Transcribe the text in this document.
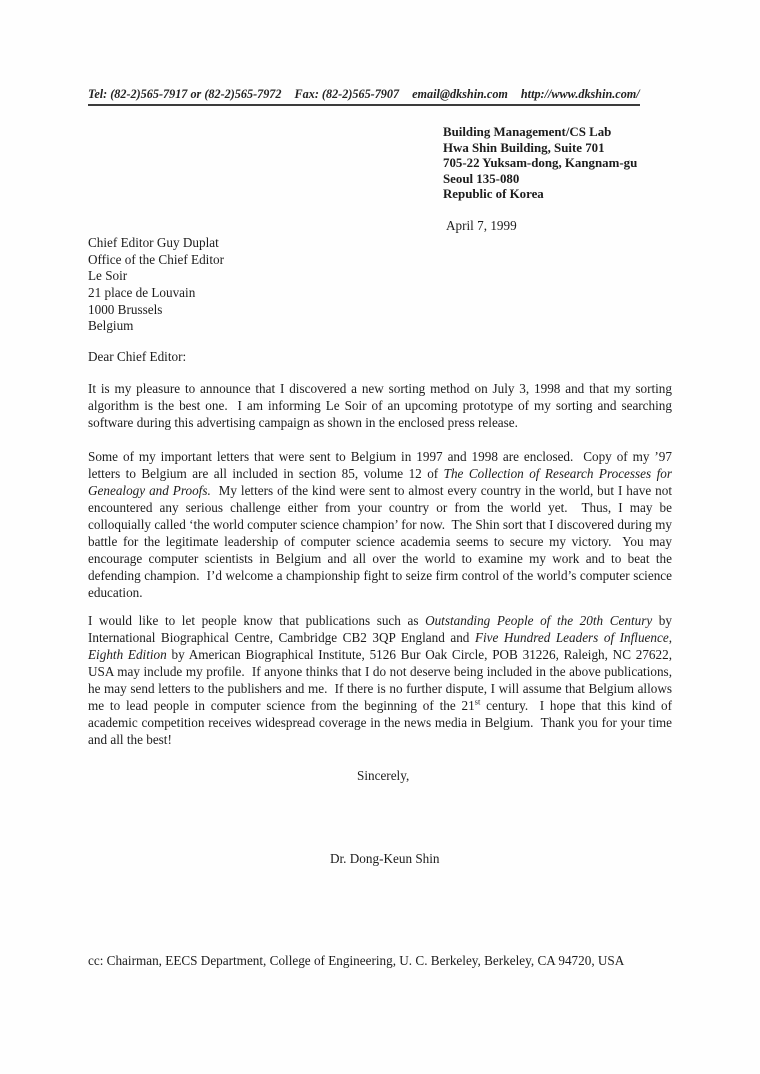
Tel: (82-2)565-7917 or (82-2)565-7972 Fax: (82-2)565-7907 email@dkshin.com http://www.dkshin.com/
Building Management/CS Lab
Hwa Shin Building, Suite 701
705-22 Yuksam-dong, Kangnam-gu
Seoul 135-080
Republic of Korea
April 7, 1999
Chief Editor Guy Duplat
Office of the Chief Editor
Le Soir
21 place de Louvain
1000 Brussels
Belgium
Dear Chief Editor:
It is my pleasure to announce that I discovered a new sorting method on July 3, 1998 and that my sorting algorithm is the best one.  I am informing Le Soir of an upcoming prototype of my sorting and searching software during this advertising campaign as shown in the enclosed press release.
Some of my important letters that were sent to Belgium in 1997 and 1998 are enclosed.  Copy of my ’97 letters to Belgium are all included in section 85, volume 12 of The Collection of Research Processes for Genealogy and Proofs.  My letters of the kind were sent to almost every country in the world, but I have not encountered any serious challenge either from your country or from the world yet.  Thus, I may be colloquially called ‘the world computer science champion’ for now.  The Shin sort that I discovered during my battle for the legitimate leadership of computer science academia seems to secure my victory.  You may encourage computer scientists in Belgium and all over the world to examine my work and to beat the defending champion.  I’d welcome a championship fight to seize firm control of the world’s computer science education.
I would like to let people know that publications such as Outstanding People of the 20th Century by International Biographical Centre, Cambridge CB2 3QP England and Five Hundred Leaders of Influence, Eighth Edition by American Biographical Institute, 5126 Bur Oak Circle, POB 31226, Raleigh, NC 27622, USA may include my profile.  If anyone thinks that I do not deserve being included in the above publications, he may send letters to the publishers and me.  If there is no further dispute, I will assume that Belgium allows me to lead people in computer science from the beginning of the 21st century.  I hope that this kind of academic competition receives widespread coverage in the news media in Belgium.  Thank you for your time and all the best!
Sincerely,
Dr. Dong-Keun Shin
cc: Chairman, EECS Department, College of Engineering, U. C. Berkeley, Berkeley, CA 94720, USA
